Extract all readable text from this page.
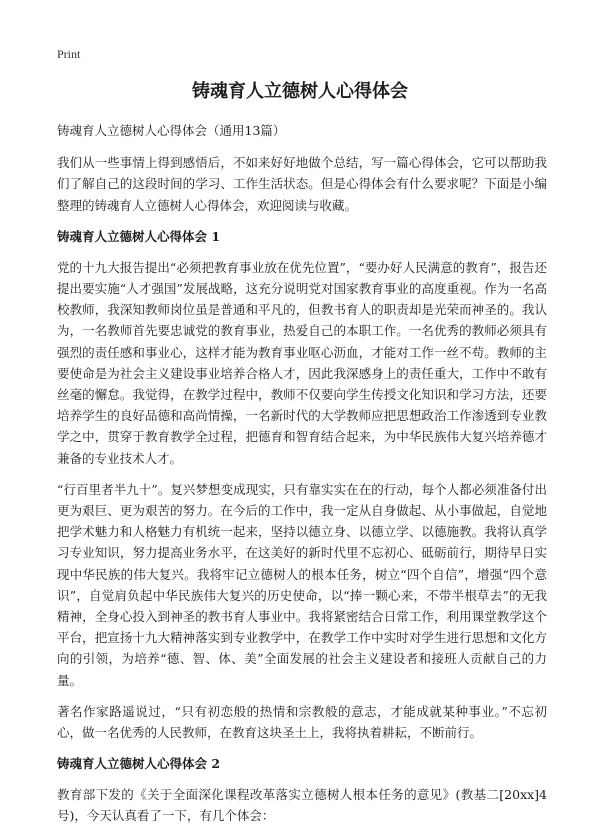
Print
铸魂育人立德树人心得体会

铸魂育人立德树人心得体会（通用13篇）

我们从一些事情上得到感悟后，不如来好好地做个总结，写一篇心得体会，它可以帮助我们了解自己的这段时间的学习、工作生活状态。但是心得体会有什么要求呢？下面是小编整理的铸魂育人立德树人心得体会，欢迎阅读与收藏。

铸魂育人立德树人心得体会 1

党的十九大报告提出“必须把教育事业放在优先位置”，“要办好人民满意的教育”，报告还提出要实施“人才强国”发展战略，这充分说明党对国家教育事业的高度重视。作为一名高校教师，我深知教师岗位虽是普通和平凡的，但教书育人的职责却是光荣而神圣的。我认为，一名教师首先要忠诚党的教育事业，热爱自己的本职工作。一名优秀的教师必须具有强烈的责任感和事业心，这样才能为教育事业呕心沥血，才能对工作一丝不苟。教师的主要使命是为社会主义建设事业培养合格人才，因此我深感身上的责任重大，工作中不敢有丝毫的懈怠。我觉得，在教学过程中，教师不仅要向学生传授文化知识和学习方法，还要培养学生的良好品德和高尚情操，一名新时代的大学教师应把思想政治工作渗透到专业教学之中，贯穿于教育教学全过程，把德育和智育结合起来，为中华民族伟大复兴培养德才兼备的专业技术人才。

“行百里者半九十”。复兴梦想变成现实，只有靠实实在在的行动，每个人都必须准备付出更为艰巨、更为艰苦的努力。在今后的工作中，我一定从自身做起、从小事做起，自觉地把学术魅力和人格魅力有机统一起来，坚持以德立身、以德立学、以德施教。我将认真学习专业知识，努力提高业务水平，在这美好的新时代里不忘初心、砥砺前行，期待早日实现中华民族的伟大复兴。我将牢记立德树人的根本任务，树立“四个自信”，增强“四个意识”，自觉肩负起中华民族伟大复兴的历史使命，以“捧一颗心来，不带半根草去”的无我精神，全身心投入到神圣的教书育人事业中。我将紧密结合日常工作，利用课堂教学这个平台，把宣扬十九大精神落实到专业教学中，在教学工作中实时对学生进行思想和文化方向的引领，为培养“德、智、体、美”全面发展的社会主义建设者和接班人贡献自己的力量。

著名作家路遥说过，“只有初恋般的热情和宗教般的意志，才能成就某种事业。”不忘初心，做一名优秀的人民教师，在教育这块圣土上，我将执着耕耘，不断前行。

铸魂育人立德树人心得体会 2

教育部下发的《关于全面深化课程改革落实立德树人根本任务的意见》(教基二[20xx]4 号)，今天认真看了一下，有几个体会：
